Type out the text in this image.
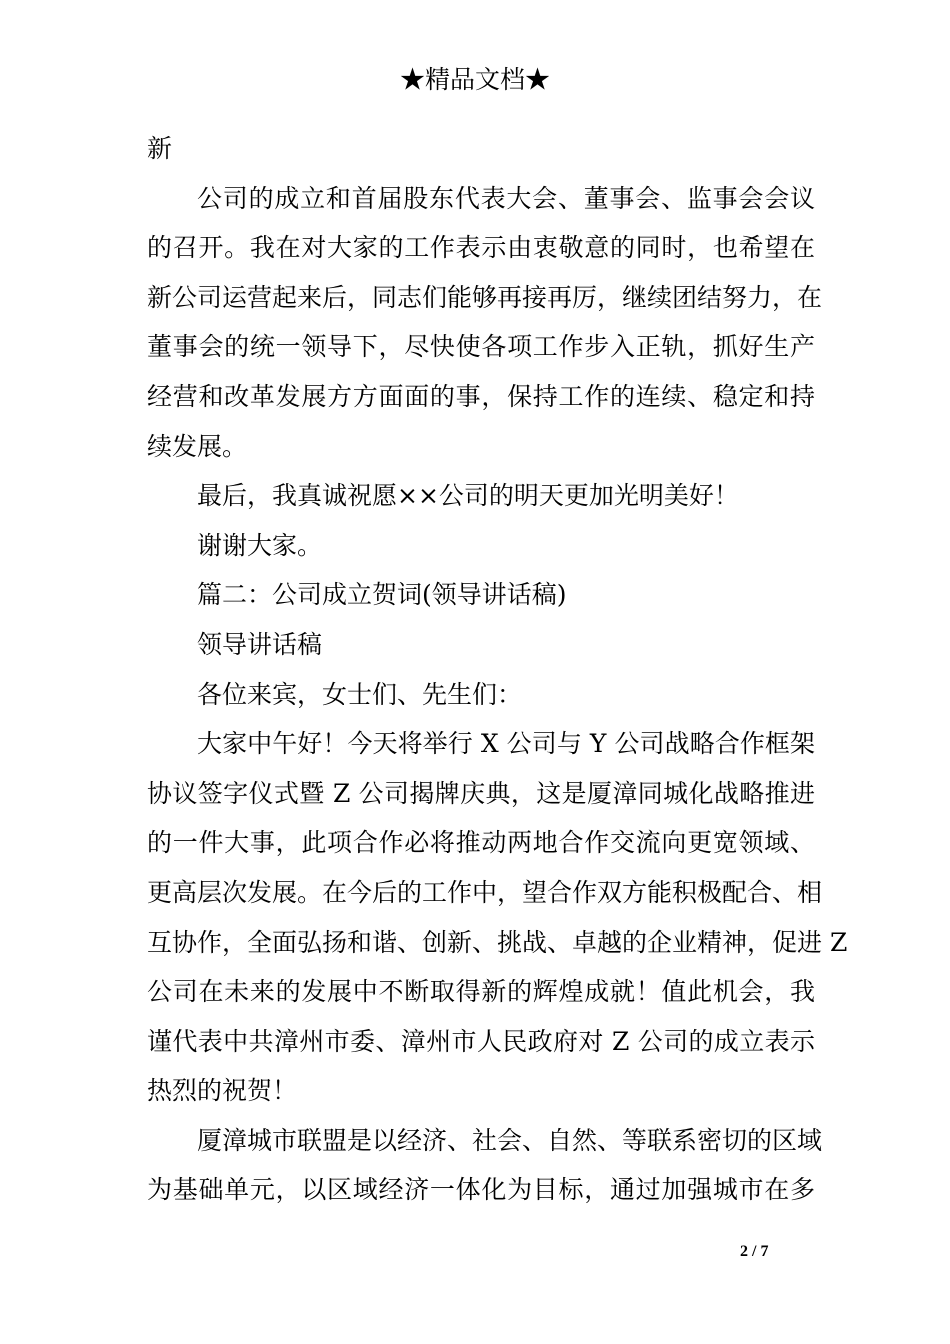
★精品文档★
新
公司的成立和首届股东代表大会、董事会、监事会会议
的召开。我在对大家的工作表示由衷敬意的同时，也希望在
新公司运营起来后，同志们能够再接再厉，继续团结努力，在
董事会的统一领导下，尽快使各项工作步入正轨，抓好生产
经营和改革发展方方面面的事，保持工作的连续、稳定和持
续发展。
最后，我真诚祝愿××公司的明天更加光明美好！
谢谢大家。
篇二：公司成立贺词(领导讲话稿)
领导讲话稿
各位来宾，女士们、先生们：
大家中午好！今天将举行 X 公司与 Y 公司战略合作框架
协议签字仪式暨 Z 公司揭牌庆典，这是厦漳同城化战略推进
的一件大事，此项合作必将推动两地合作交流向更宽领域、
更高层次发展。在今后的工作中，望合作双方能积极配合、相
互协作，全面弘扬和谐、创新、挑战、卓越的企业精神，促进 Z
公司在未来的发展中不断取得新的辉煌成就！值此机会，我
谨代表中共漳州市委、漳州市人民政府对 Z 公司的成立表示
热烈的祝贺！
厦漳城市联盟是以经济、社会、自然、等联系密切的区域
为基础单元，以区域经济一体化为目标，通过加强城市在多
2 / 7
